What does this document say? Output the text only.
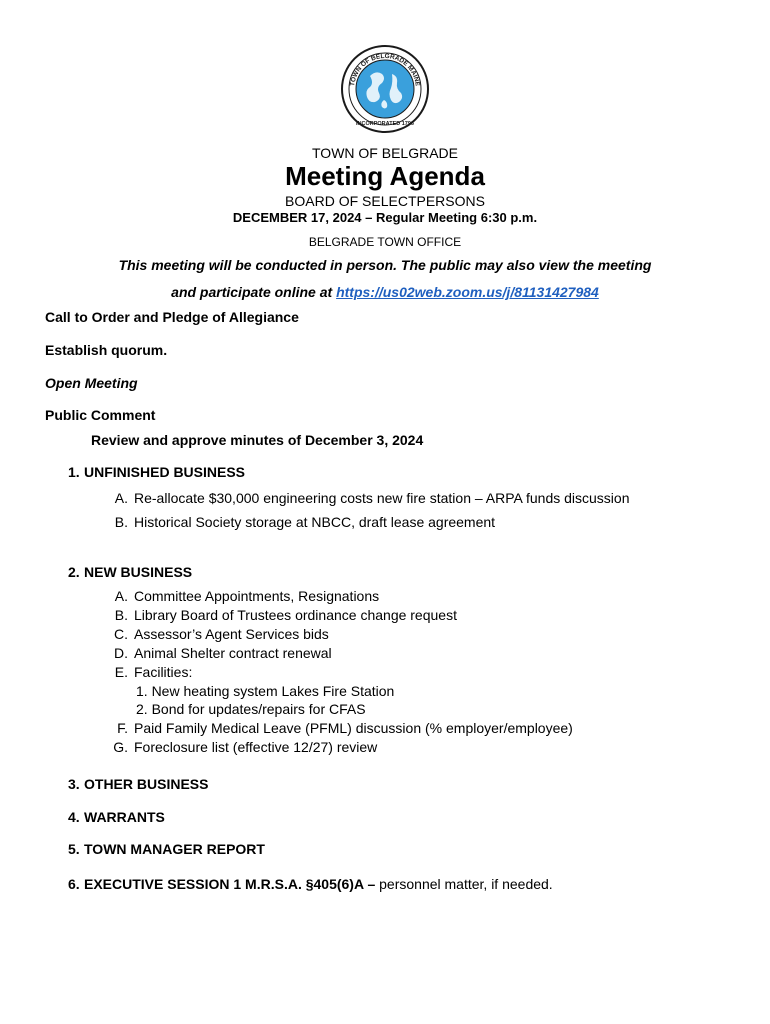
TOWN OF BELGRADE MAINE
INCORPORATED 1796
TOWN OF BELGRADE
Meeting Agenda
BOARD OF SELECTPERSONS
DECEMBER 17, 2024 – Regular Meeting 6:30 p.m.
BELGRADE TOWN OFFICE
This meeting will be conducted in person. The public may also view the meeting
and participate online at https://us02web.zoom.us/j/81131427984
Call to Order and Pledge of Allegiance
Establish quorum.
Open Meeting
Public Comment
Review and approve minutes of December 3, 2024
1. UNFINISHED BUSINESS
A. Re-allocate $30,000 engineering costs new fire station – ARPA funds discussion
B. Historical Society storage at NBCC, draft lease agreement
2. NEW BUSINESS
A. Committee Appointments, Resignations
B. Library Board of Trustees ordinance change request
C. Assessor’s Agent Services bids
D. Animal Shelter contract renewal
E. Facilities:
1. New heating system Lakes Fire Station
2. Bond for updates/repairs for CFAS
F. Paid Family Medical Leave (PFML) discussion (% employer/employee)
G. Foreclosure list (effective 12/27) review
3. OTHER BUSINESS
4. WARRANTS
5. TOWN MANAGER REPORT
6. EXECUTIVE SESSION 1 M.R.S.A. §405(6)A – personnel matter, if needed.
